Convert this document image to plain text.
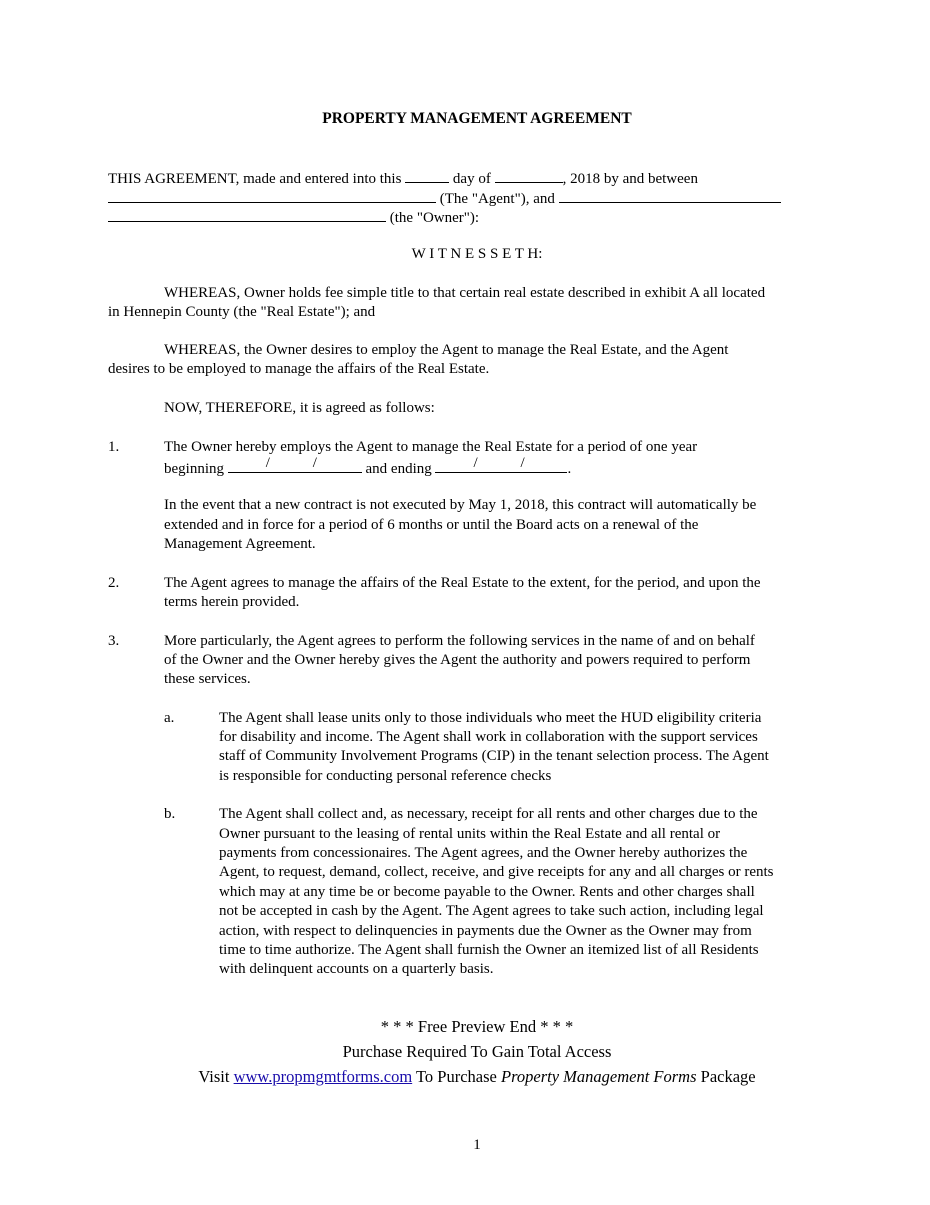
PROPERTY MANAGEMENT AGREEMENT
THIS AGREEMENT, made and entered into this	day of	, 2018 by and between
(The "Agent"), and
(the "Owner"):
W I T N E S S E T H:
WHEREAS, Owner holds fee simple title to that certain real estate described in exhibit A all located
in Hennepin County (the "Real Estate"); and
WHEREAS, the Owner desires to employ the Agent to manage the Real Estate, and the Agent
desires to be employed to manage the affairs of the Real Estate.
NOW, THEREFORE, it is agreed as follows:
1.	The Owner hereby employs the Agent to manage the Real Estate for a period of one year
beginning	/	/	and ending	/	/	.
In the event that a new contract is not executed by May 1, 2018, this contract will automatically be
extended and in force for a period of 6 months or until the Board acts on a renewal of the
Management Agreement.
2.	The Agent agrees to manage the affairs of the Real Estate to the extent, for the period, and upon the
terms herein provided.
3.	More particularly, the Agent agrees to perform the following services in the name of and on behalf
of the Owner and the Owner hereby gives the Agent the authority and powers required to perform
these services.
a.	The Agent shall lease units only to those individuals who meet the HUD eligibility criteria
for disability and income. The Agent shall work in collaboration with the support services
staff of Community Involvement Programs (CIP) in the tenant selection process. The Agent
is responsible for conducting personal reference checks
b.	The Agent shall collect and, as necessary, receipt for all rents and other charges due to the
Owner pursuant to the leasing of rental units within the Real Estate and all rental or
payments from concessionaires. The Agent agrees, and the Owner hereby authorizes the
Agent, to request, demand, collect, receive, and give receipts for any and all charges or rents
which may at any time be or become payable to the Owner. Rents and other charges shall
not be accepted in cash by the Agent. The Agent agrees to take such action, including legal
action, with respect to delinquencies in payments due the Owner as the Owner may from
time to time authorize. The Agent shall furnish the Owner an itemized list of all Residents
with delinquent accounts on a quarterly basis.
* * * Free Preview End * * *
Purchase Required To Gain Total Access
Visit www.propmgmtforms.com To Purchase Property Management Forms Package
1
